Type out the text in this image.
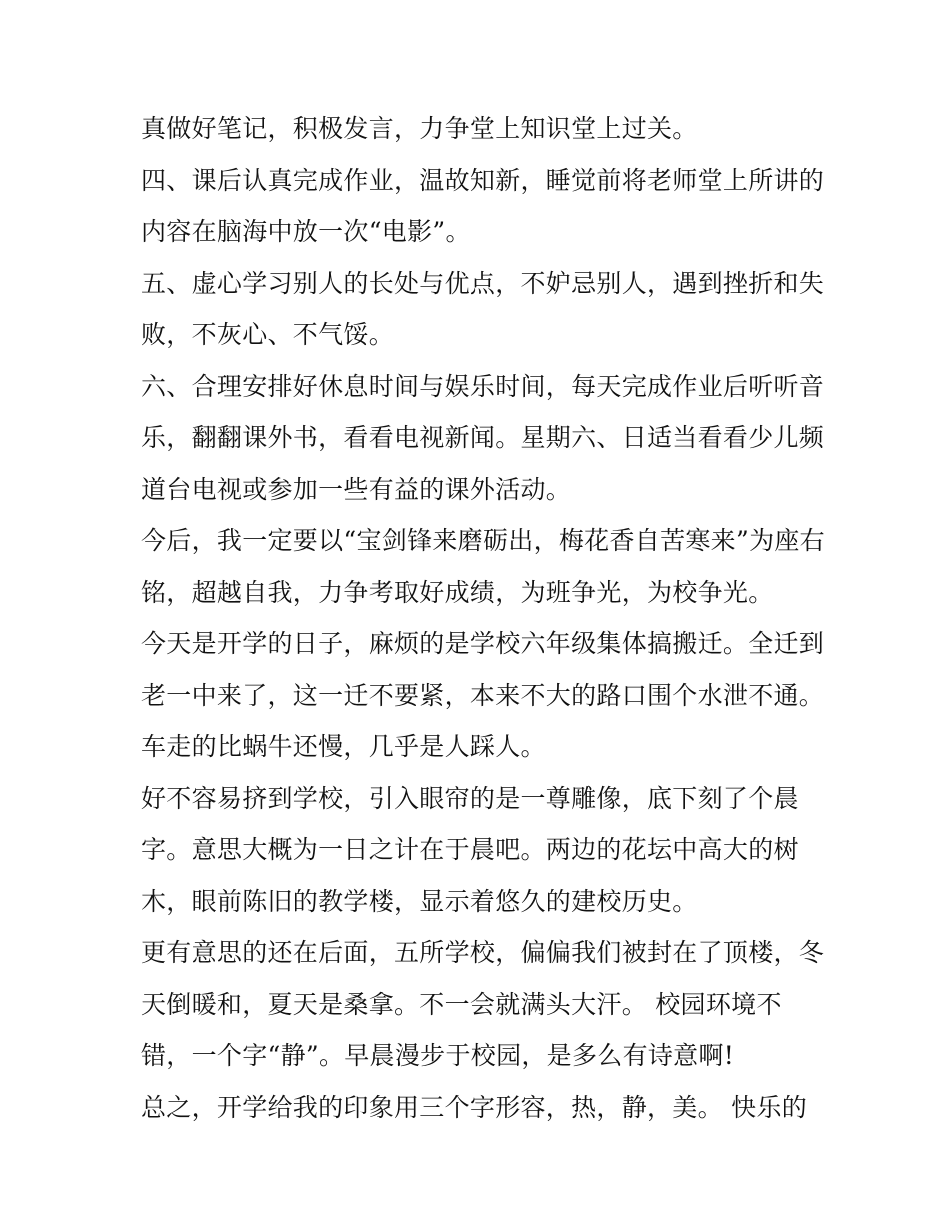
真做好笔记，积极发言，力争堂上知识堂上过关。
四、课后认真完成作业，温故知新，睡觉前将老师堂上所讲的
内容在脑海中放一次“电影”。
五、虚心学习别人的长处与优点，不妒忌别人，遇到挫折和失
败，不灰心、不气馁。
六、合理安排好休息时间与娱乐时间，每天完成作业后听听音
乐，翻翻课外书，看看电视新闻。星期六、日适当看看少儿频
道台电视或参加一些有益的课外活动。
今后，我一定要以“宝剑锋来磨砺出，梅花香自苦寒来”为座右
铭，超越自我，力争考取好成绩，为班争光，为校争光。
今天是开学的日子，麻烦的是学校六年级集体搞搬迁。全迁到
老一中来了，这一迁不要紧，本来不大的路口围个水泄不通。
车走的比蜗牛还慢，几乎是人踩人。
好不容易挤到学校，引入眼帘的是一尊雕像，底下刻了个晨
字。意思大概为一日之计在于晨吧。两边的花坛中高大的树
木，眼前陈旧的教学楼，显示着悠久的建校历史。
更有意思的还在后面，五所学校，偏偏我们被封在了顶楼，冬
天倒暖和，夏天是桑拿。不一会就满头大汗。 校园环境不
错，一个字“静”。早晨漫步于校园，是多么有诗意啊!
总之，开学给我的印象用三个字形容，热，静，美。 快乐的
